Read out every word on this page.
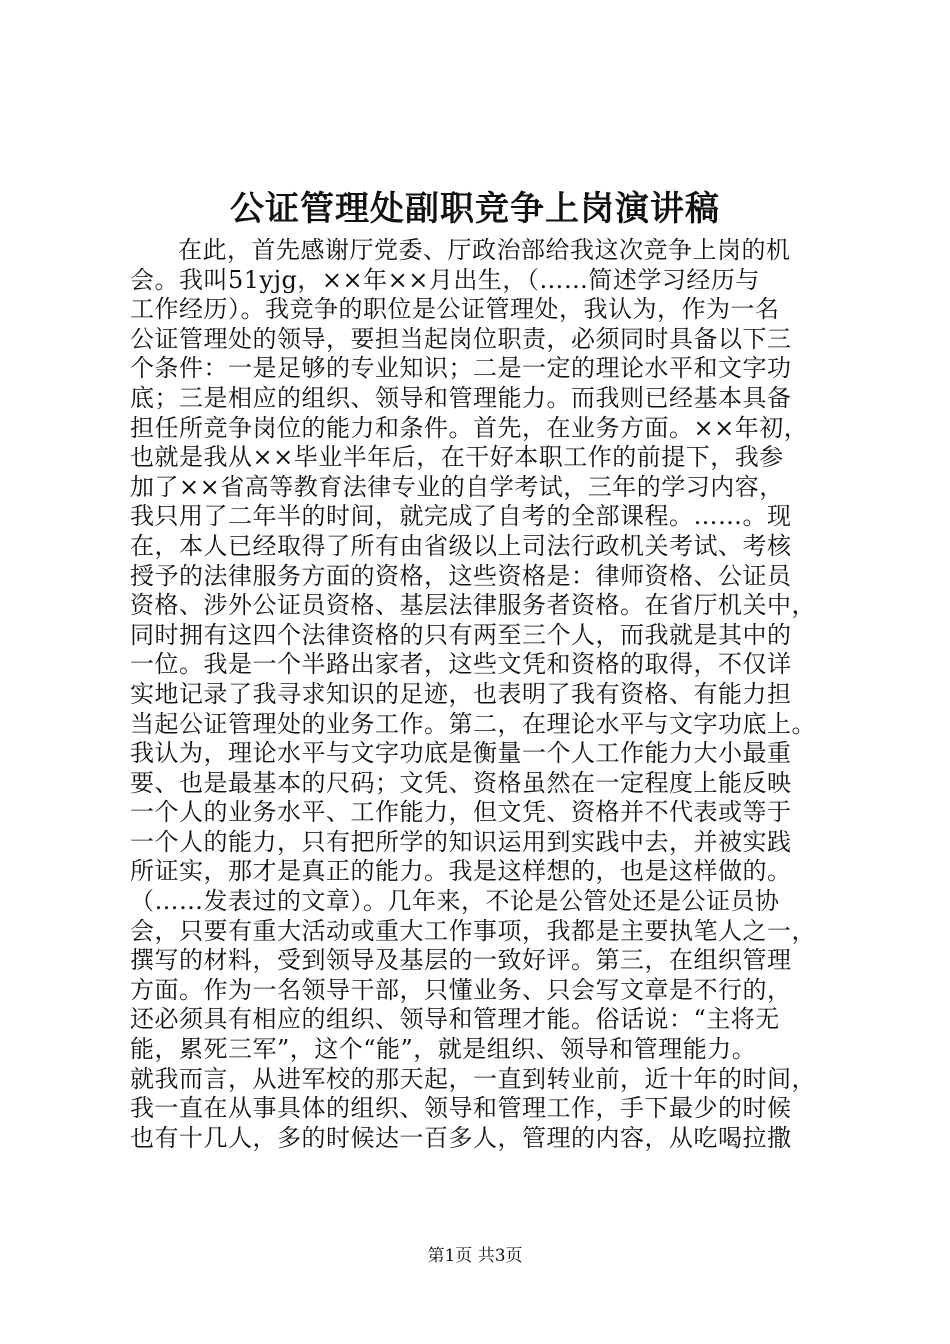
公证管理处副职竞争上岗演讲稿
在此，首先感谢厅党委、厅政治部给我这次竞争上岗的机
会。我叫51yjg，××年××月出生，（……简述学习经历与
工作经历）。我竞争的职位是公证管理处，我认为，作为一名
公证管理处的领导，要担当起岗位职责，必须同时具备以下三
个条件：一是足够的专业知识；二是一定的理论水平和文字功
底；三是相应的组织、领导和管理能力。而我则已经基本具备
担任所竞争岗位的能力和条件。首先，在业务方面。××年初，
也就是我从××毕业半年后，在干好本职工作的前提下，我参
加了××省高等教育法律专业的自学考试，三年的学习内容，
我只用了二年半的时间，就完成了自考的全部课程。……。现
在，本人已经取得了所有由省级以上司法行政机关考试、考核
授予的法律服务方面的资格，这些资格是：律师资格、公证员
资格、涉外公证员资格、基层法律服务者资格。在省厅机关中，
同时拥有这四个法律资格的只有两至三个人，而我就是其中的
一位。我是一个半路出家者，这些文凭和资格的取得，不仅详
实地记录了我寻求知识的足迹，也表明了我有资格、有能力担
当起公证管理处的业务工作。第二，在理论水平与文字功底上。
我认为，理论水平与文字功底是衡量一个人工作能力大小最重
要、也是最基本的尺码；文凭、资格虽然在一定程度上能反映
一个人的业务水平、工作能力，但文凭、资格并不代表或等于
一个人的能力，只有把所学的知识运用到实践中去，并被实践
所证实，那才是真正的能力。我是这样想的，也是这样做的。
（……发表过的文章）。几年来，不论是公管处还是公证员协
会，只要有重大活动或重大工作事项，我都是主要执笔人之一，
撰写的材料，受到领导及基层的一致好评。第三，在组织管理
方面。作为一名领导干部，只懂业务、只会写文章是不行的，
还必须具有相应的组织、领导和管理才能。俗话说：“主将无
能，累死三军”，这个“能”，就是组织、领导和管理能力。
就我而言，从进军校的那天起，一直到转业前，近十年的时间，
我一直在从事具体的组织、领导和管理工作，手下最少的时候
也有十几人，多的时候达一百多人，管理的内容，从吃喝拉撒
第1页 共3页
